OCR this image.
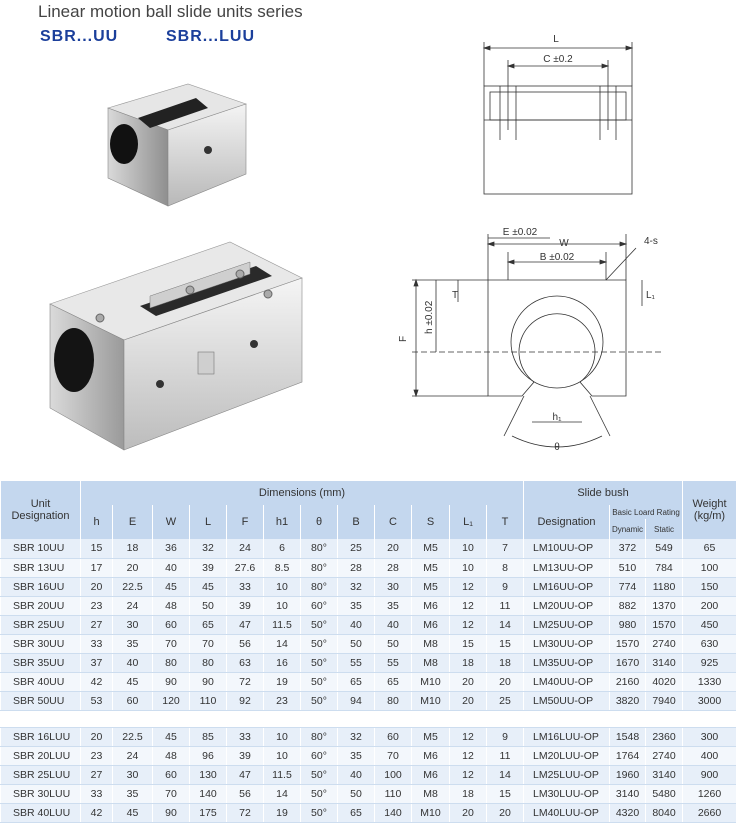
Linear motion ball slide units series
SBR...UU	SBR...LUU	L
C ±0.2
E ±0.02
W
B ±0.02
4-s
T	L₁
h ±0.02
F
h₁
θ
Unit Designation	Dimensions (mm)												Slide bush			Weight (kg/m)
	h	E	W	L	F	h1	θ	B	C	S	L₁	T	Designation	Basic Loard Rating		
														Dynamic	Static	
SBR 10UU	15	18	36	32	24	6	80°	25	20	M5	10	7	LM10UU-OP	372	549	65
SBR 13UU	17	20	40	39	27.6	8.5	80°	28	28	M5	10	8	LM13UU-OP	510	784	100
SBR 16UU	20	22.5	45	45	33	10	80°	32	30	M5	12	9	LM16UU-OP	774	1180	150
SBR 20UU	23	24	48	50	39	10	60°	35	35	M6	12	11	LM20UU-OP	882	1370	200
SBR 25UU	27	30	60	65	47	11.5	50°	40	40	M6	12	14	LM25UU-OP	980	1570	450
SBR 30UU	33	35	70	70	56	14	50°	50	50	M8	15	15	LM30UU-OP	1570	2740	630
SBR 35UU	37	40	80	80	63	16	50°	55	55	M8	18	18	LM35UU-OP	1670	3140	925
SBR 40UU	42	45	90	90	72	19	50°	65	65	M10	20	20	LM40UU-OP	2160	4020	1330
SBR 50UU	53	60	120	110	92	23	50°	94	80	M10	20	25	LM50UU-OP	3820	7940	3000

SBR 16LUU	20	22.5	45	85	33	10	80°	32	60	M5	12	9	LM16LUU-OP	1548	2360	300
SBR 20LUU	23	24	48	96	39	10	60°	35	70	M6	12	11	LM20LUU-OP	1764	2740	400
SBR 25LUU	27	30	60	130	47	11.5	50°	40	100	M6	12	14	LM25LUU-OP	1960	3140	900
SBR 30LUU	33	35	70	140	56	14	50°	50	110	M8	18	15	LM30LUU-OP	3140	5480	1260
SBR 40LUU	42	45	90	175	72	19	50°	65	140	M10	20	20	LM40LUU-OP	4320	8040	2660
